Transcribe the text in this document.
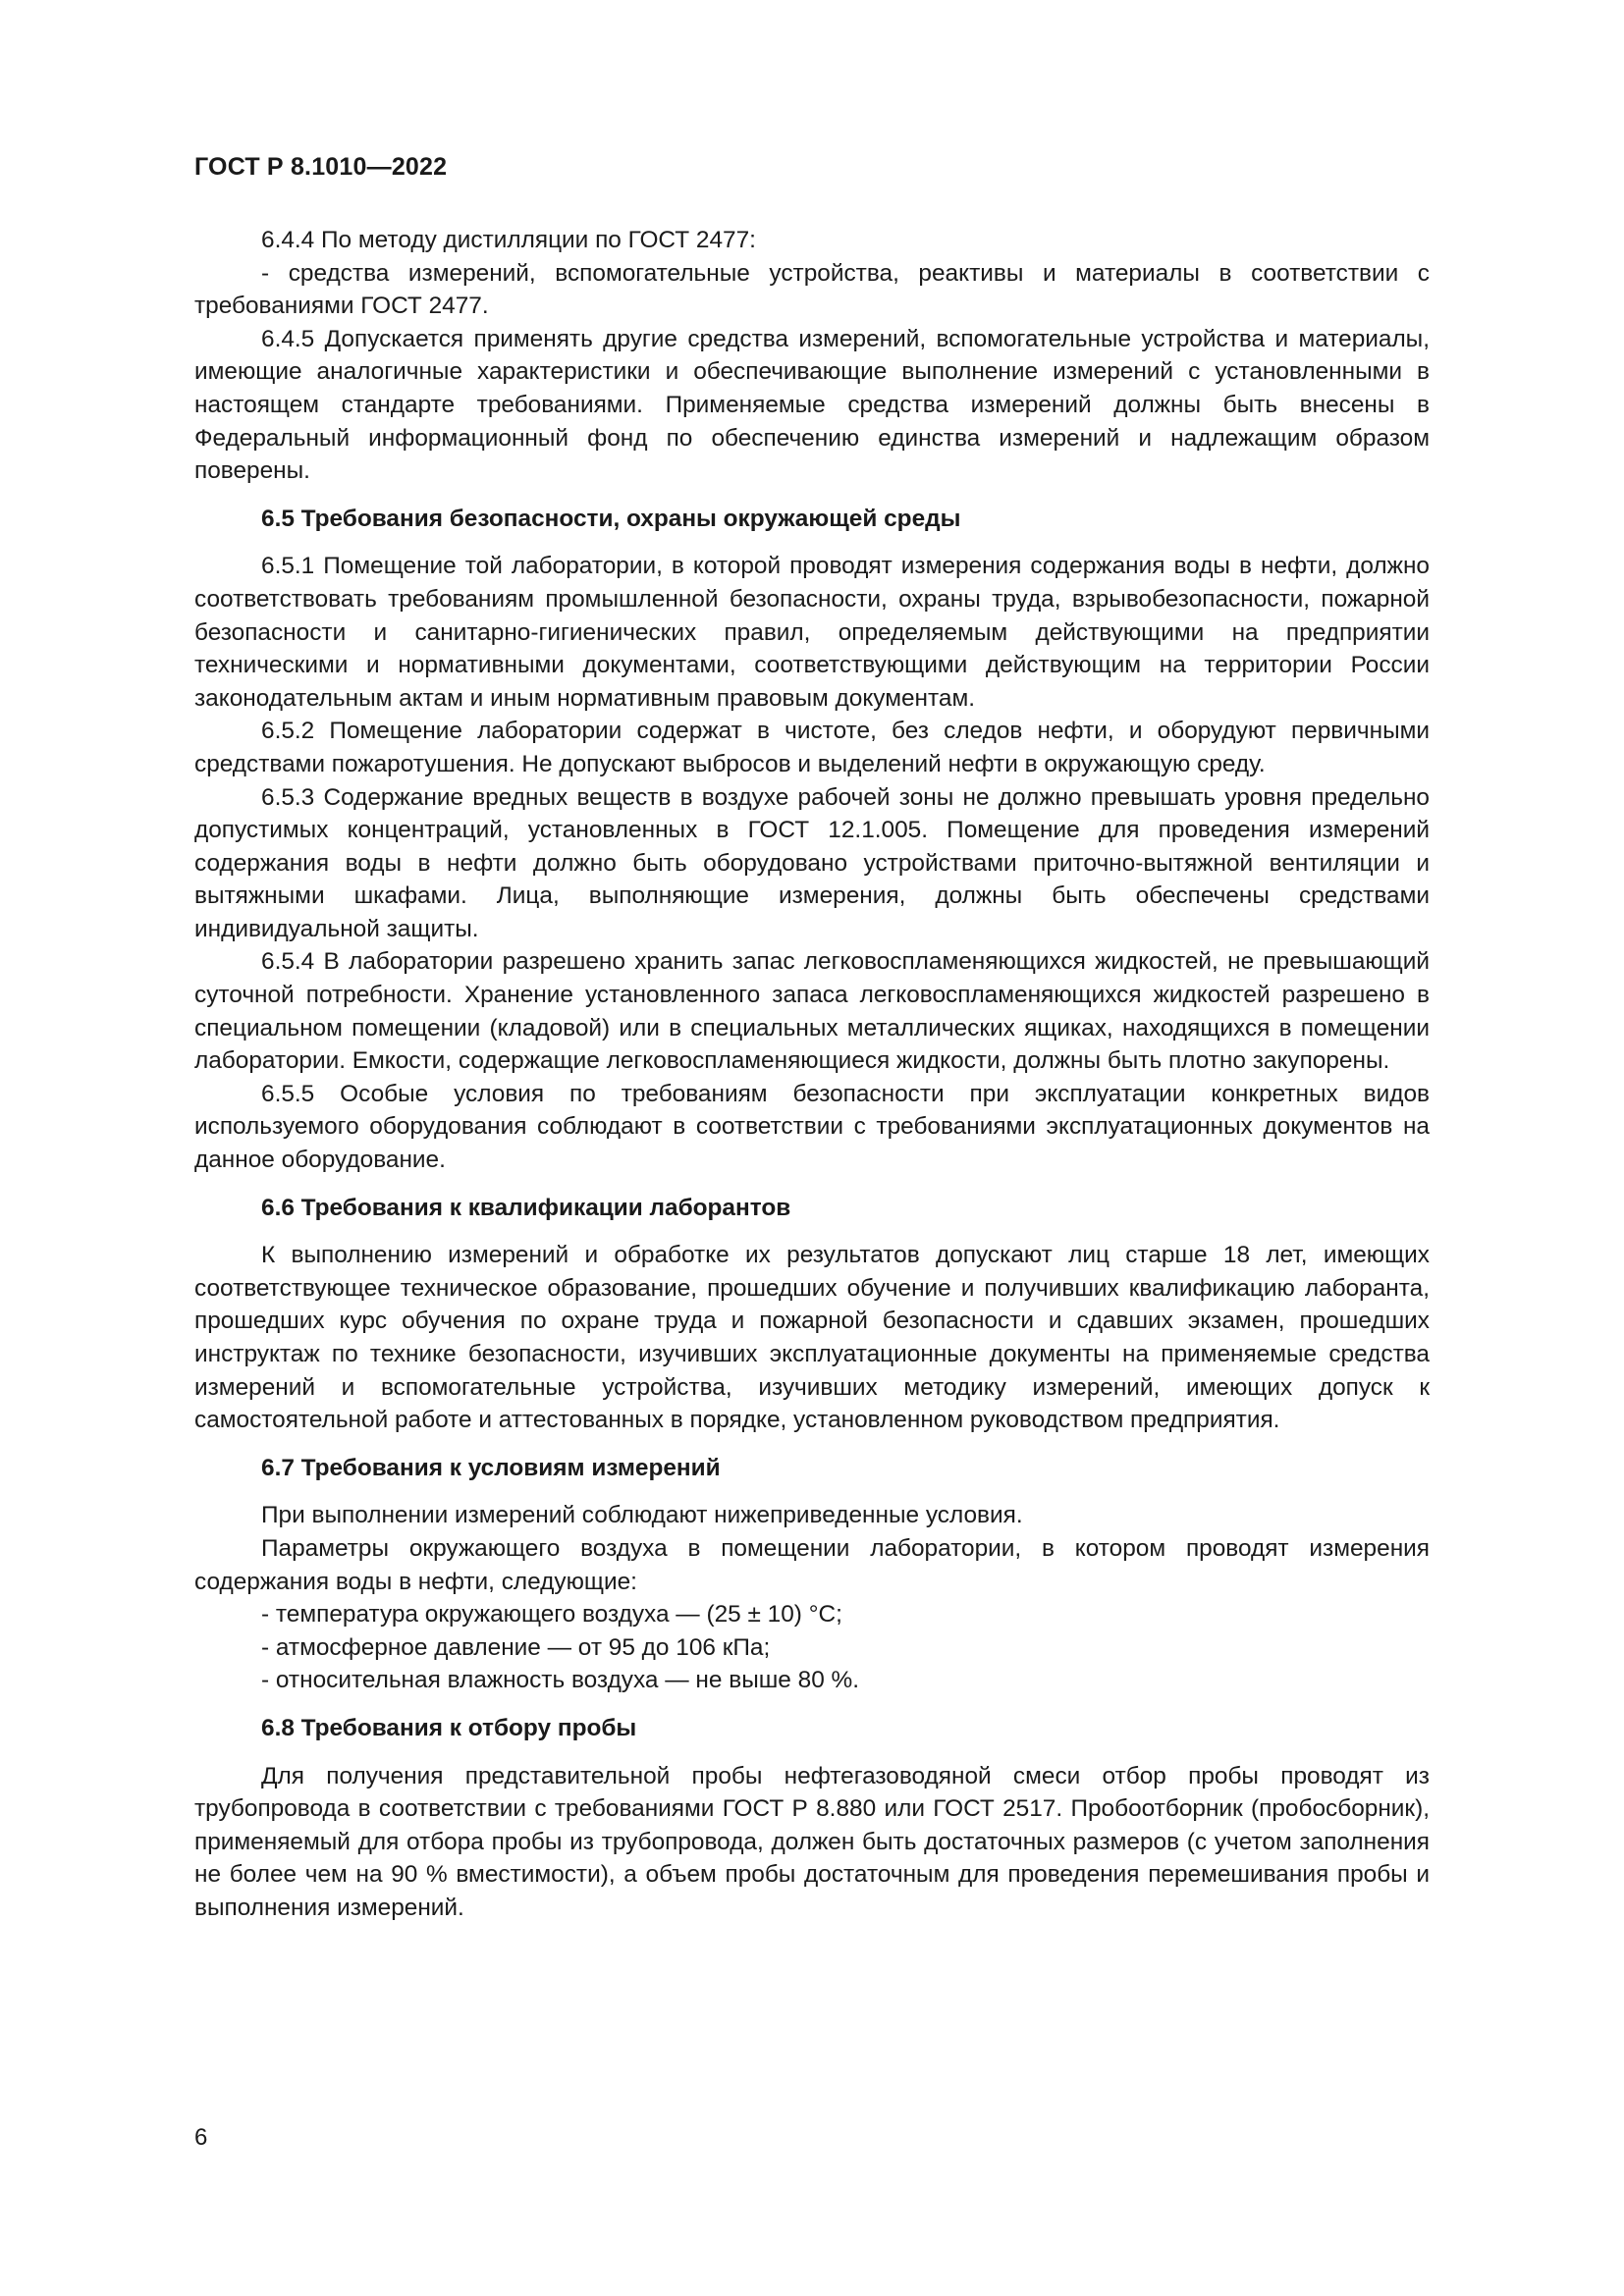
ГОСТ Р 8.1010—2022

6.4.4 По методу дистилляции по ГОСТ 2477:

- средства измерений, вспомогательные устройства, реактивы и материалы в соответствии с требованиями ГОСТ 2477.

6.4.5 Допускается применять другие средства измерений, вспомогательные устройства и материалы, имеющие аналогичные характеристики и обеспечивающие выполнение измерений с установленными в настоящем стандарте требованиями. Применяемые средства измерений должны быть внесены в Федеральный информационный фонд по обеспечению единства измерений и надлежащим образом поверены.

6.5 Требования безопасности, охраны окружающей среды

6.5.1 Помещение той лаборатории, в которой проводят измерения содержания воды в нефти, должно соответствовать требованиям промышленной безопасности, охраны труда, взрывобезопасности, пожарной безопасности и санитарно-гигиенических правил, определяемым действующими на предприятии техническими и нормативными документами, соответствующими действующим на территории России законодательным актам и иным нормативным правовым документам.

6.5.2 Помещение лаборатории содержат в чистоте, без следов нефти, и оборудуют первичными средствами пожаротушения. Не допускают выбросов и выделений нефти в окружающую среду.

6.5.3 Содержание вредных веществ в воздухе рабочей зоны не должно превышать уровня предельно допустимых концентраций, установленных в ГОСТ 12.1.005. Помещение для проведения измерений содержания воды в нефти должно быть оборудовано устройствами приточно-вытяжной вентиляции и вытяжными шкафами. Лица, выполняющие измерения, должны быть обеспечены средствами индивидуальной защиты.

6.5.4 В лаборатории разрешено хранить запас легковоспламеняющихся жидкостей, не превышающий суточной потребности. Хранение установленного запаса легковоспламеняющихся жидкостей разрешено в специальном помещении (кладовой) или в специальных металлических ящиках, находящихся в помещении лаборатории. Емкости, содержащие легковоспламеняющиеся жидкости, должны быть плотно закупорены.

6.5.5 Особые условия по требованиям безопасности при эксплуатации конкретных видов используемого оборудования соблюдают в соответствии с требованиями эксплуатационных документов на данное оборудование.

6.6 Требования к квалификации лаборантов

К выполнению измерений и обработке их результатов допускают лиц старше 18 лет, имеющих соответствующее техническое образование, прошедших обучение и получивших квалификацию лаборанта, прошедших курс обучения по охране труда и пожарной безопасности и сдавших экзамен, прошедших инструктаж по технике безопасности, изучивших эксплуатационные документы на применяемые средства измерений и вспомогательные устройства, изучивших методику измерений, имеющих допуск к самостоятельной работе и аттестованных в порядке, установленном руководством предприятия.

6.7 Требования к условиям измерений

При выполнении измерений соблюдают нижеприведенные условия.

Параметры окружающего воздуха в помещении лаборатории, в котором проводят измерения содержания воды в нефти, следующие:

- температура окружающего воздуха — (25 ± 10) °С;

- атмосферное давление — от 95 до 106 кПа;

- относительная влажность воздуха — не выше 80 %.

6.8 Требования к отбору пробы

Для получения представительной пробы нефтегазоводяной смеси отбор пробы проводят из трубопровода в соответствии с требованиями ГОСТ Р 8.880 или ГОСТ 2517. Пробоотборник (пробосборник), применяемый для отбора пробы из трубопровода, должен быть достаточных размеров (с учетом заполнения не более чем на 90 % вместимости), а объем пробы достаточным для проведения перемешивания пробы и выполнения измерений.

6
